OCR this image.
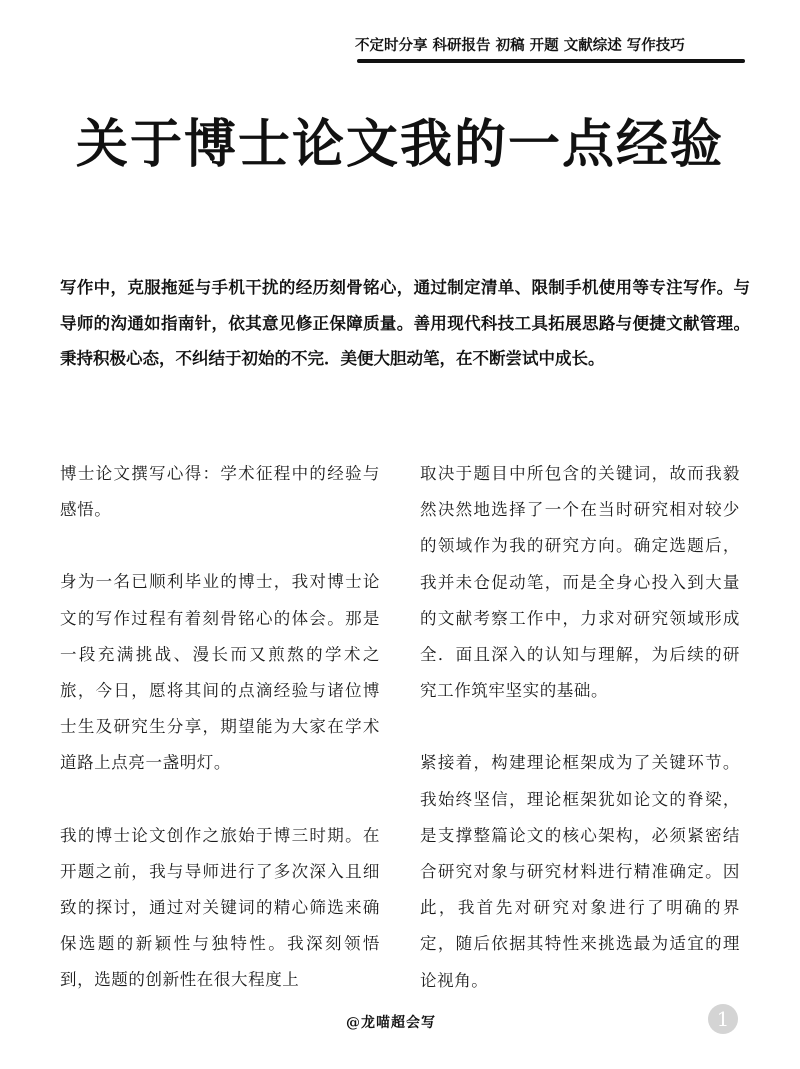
不定时分享 科研报告 初稿 开题 文献综述 写作技巧
关于博士论文我的一点经验
写作中，克服拖延与手机干扰的经历刻骨铭心，通过制定清单、限制手机使用等专注写作。与导师的沟通如指南针，依其意见修正保障质量。善用现代科技工具拓展思路与便捷文献管理。秉持积极心态，不纠结于初始的不完．美便大胆动笔，在不断尝试中成长。

博士论文撰写心得：学术征程中的经验与感悟。

身为一名已顺利毕业的博士，我对博士论文的写作过程有着刻骨铭心的体会。那是一段充满挑战、漫长而又煎熬的学术之旅，今日，愿将其间的点滴经验与诸位博士生及研究生分享，期望能为大家在学术道路上点亮一盏明灯。

我的博士论文创作之旅始于博三时期。在开题之前，我与导师进行了多次深入且细致的探讨，通过对关键词的精心筛选来确保选题的新颖性与独特性。我深刻领悟到，选题的创新性在很大程度上

取决于题目中所包含的关键词，故而我毅然决然地选择了一个在当时研究相对较少的领域作为我的研究方向。确定选题后，我并未仓促动笔，而是全身心投入到大量的文献考察工作中，力求对研究领域形成全．面且深入的认知与理解，为后续的研究工作筑牢坚实的基础。

紧接着，构建理论框架成为了关键环节。我始终坚信，理论框架犹如论文的脊梁，是支撑整篇论文的核心架构，必须紧密结合研究对象与研究材料进行精准确定。因此，我首先对研究对象进行了明确的界定，随后依据其特性来挑选最为适宜的理论视角。

@龙喵超会写	1
